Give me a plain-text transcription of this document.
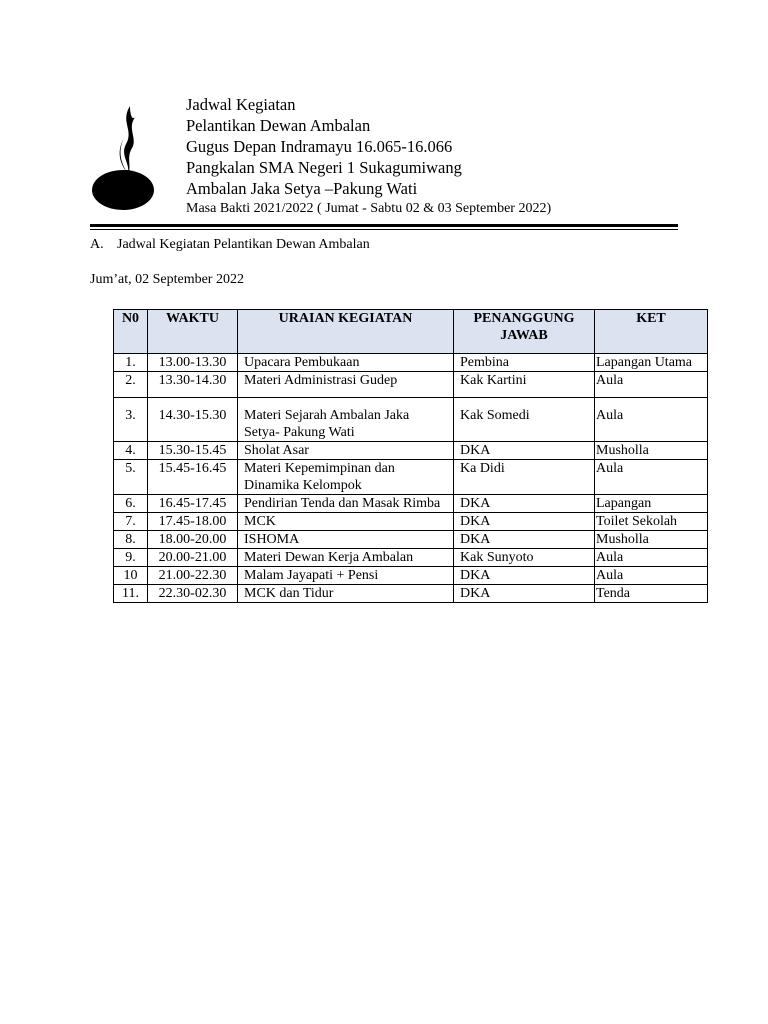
Jadwal Kegiatan
Pelantikan Dewan Ambalan
Gugus Depan Indramayu 16.065-16.066
Pangkalan SMA Negeri 1 Sukagumiwang
Ambalan Jaka Setya –Pakung Wati
Masa Bakti 2021/2022 ( Jumat - Sabtu 02 & 03 September 2022)
A. Jadwal Kegiatan Pelantikan Dewan Ambalan
Jum’at, 02 September 2022
N0	WAKTU	URAIAN KEGIATAN	PENANGGUNG JAWAB	KET
1.	13.00-13.30	Upacara Pembukaan	Pembina	Lapangan Utama
2.	13.30-14.30	Materi Administrasi Gudep	Kak Kartini	Aula
3.	14.30-15.30	Materi Sejarah Ambalan Jaka Setya- Pakung Wati	Kak Somedi	Aula
4.	15.30-15.45	Sholat Asar	DKA	Musholla
5.	15.45-16.45	Materi Kepemimpinan dan Dinamika Kelompok	Ka Didi	Aula
6.	16.45-17.45	Pendirian Tenda dan Masak Rimba	DKA	Lapangan
7.	17.45-18.00	MCK	DKA	Toilet Sekolah
8.	18.00-20.00	ISHOMA	DKA	Musholla
9.	20.00-21.00	Materi Dewan Kerja Ambalan	Kak Sunyoto	Aula
10	21.00-22.30	Malam Jayapati + Pensi	DKA	Aula
11.	22.30-02.30	MCK dan Tidur	DKA	Tenda
